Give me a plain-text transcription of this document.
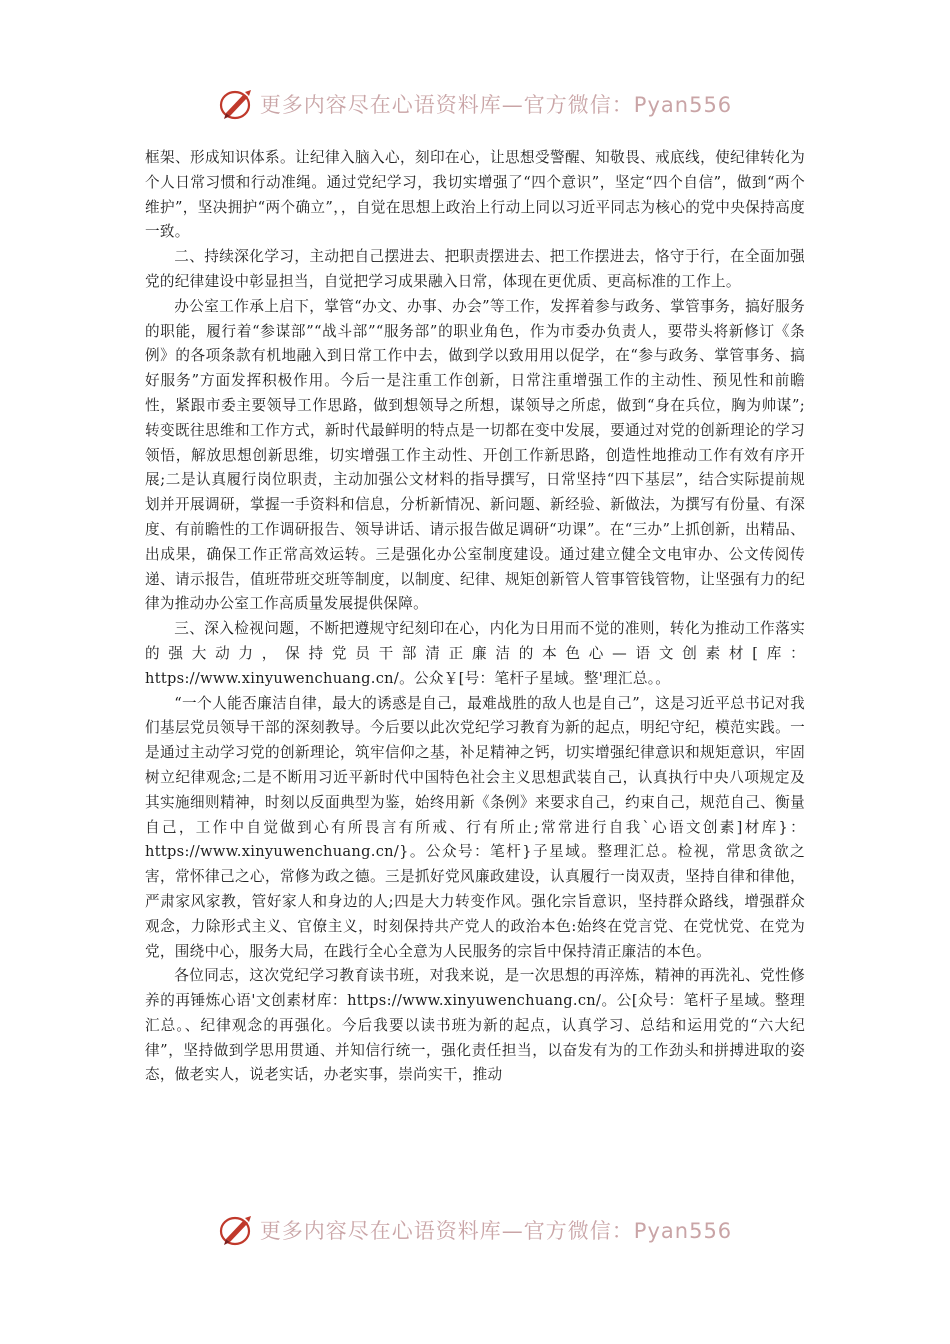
更多内容尽在心语资料库—官方微信：Pyan556

框架、形成知识体系。让纪律入脑入心，刻印在心，让思想受警醒、知敬畏、戒底线，使纪律转化为个人日常习惯和行动准绳。通过党纪学习，我切实增强了“四个意识”，坚定“四个自信”，做到“两个维护”，坚决拥护“两个确立”，，自觉在思想上政治上行动上同以习近平同志为核心的党中央保持高度一致。

二、持续深化学习，主动把自己摆进去、把职责摆进去、把工作摆进去，恪守于行，在全面加强党的纪律建设中彰显担当，自觉把学习成果融入日常，体现在更优质、更高标准的工作上。

办公室工作承上启下，掌管“办文、办事、办会”等工作，发挥着参与政务、掌管事务，搞好服务的职能，履行着“参谋部”“战斗部”“服务部”的职业角色，作为市委办负责人，要带头将新修订《条例》的各项条款有机地融入到日常工作中去，做到学以致用用以促学，在“参与政务、掌管事务、搞好服务”方面发挥积极作用。今后一是注重工作创新，日常注重增强工作的主动性、预见性和前瞻性，紧跟市委主要领导工作思路，做到想领导之所想，谋领导之所虑，做到“身在兵位，胸为帅谋”;转变既往思维和工作方式，新时代最鲜明的特点是一切都在变中发展，要通过对党的创新理论的学习领悟，解放思想创新思维，切实增强工作主动性、开创工作新思路，创造性地推动工作有效有序开展;二是认真履行岗位职责，主动加强公文材料的指导撰写，日常坚持“四下基层”，结合实际提前规划并开展调研，掌握一手资料和信息，分析新情况、新问题、新经验、新做法，为撰写有份量、有深度、有前瞻性的工作调研报告、领导讲话、请示报告做足调研“功课”。在“三办”上抓创新，出精品、出成果，确保工作正常高效运转。三是强化办公室制度建设。通过建立健全文电审办、公文传阅传递、请示报告，值班带班交班等制度，以制度、纪律、规矩创新管人管事管钱管物，让坚强有力的纪律为推动办公室工作高质量发展提供保障。

三、深入检视问题，不断把遵规守纪刻印在心，内化为日用而不觉的准则，转化为推动工作落实的强大动力，保持党员干部清正廉洁的本色心—语文创素材[库：https://www.xinyuwenchuang.cn/。公众￥[号：笔杆子星域。整'理汇总。。

“一个人能否廉洁自律，最大的诱惑是自己，最难战胜的敌人也是自己”，这是习近平总书记对我们基层党员领导干部的深刻教导。今后要以此次党纪学习教育为新的起点，明纪守纪，模范实践。一是通过主动学习党的创新理论，筑牢信仰之基，补足精神之钙，切实增强纪律意识和规矩意识，牢固树立纪律观念;二是不断用习近平新时代中国特色社会主义思想武装自己，认真执行中央八项规定及其实施细则精神，时刻以反面典型为鉴，始终用新《条例》来要求自己，约束自己，规范自己、衡量自己，工作中自觉做到心有所畏言有所戒、行有所止;常常进行自我`心语文创素]材库}：https://www.xinyuwenchuang.cn/}。公众号：笔杆}子星域。整理汇总。检视，常思贪欲之害，常怀律己之心，常修为政之德。三是抓好党风廉政建设，认真履行一岗双责，坚持自律和律他，严肃家风家教，管好家人和身边的人;四是大力转变作风。强化宗旨意识，坚持群众路线，增强群众观念，力除形式主义、官僚主义，时刻保持共产党人的政治本色:始终在党言党、在党忧党、在党为党，围绕中心，服务大局，在践行全心全意为人民服务的宗旨中保持清正廉洁的本色。

各位同志，这次党纪学习教育读书班，对我来说，是一次思想的再淬炼，精神的再洗礼、党性修养的再锤炼心语'文创素材库：https://www.xinyuwenchuang.cn/。公[众号：笔杆子星域。整理汇总。、纪律观念的再强化。今后我要以读书班为新的起点，认真学习、总结和运用党的“六大纪律”，坚持做到学思用贯通、并知信行统一，强化责任担当，以奋发有为的工作劲头和拼搏进取的姿态，做老实人，说老实话，办老实事，崇尚实干，推动

更多内容尽在心语资料库—官方微信：Pyan556
